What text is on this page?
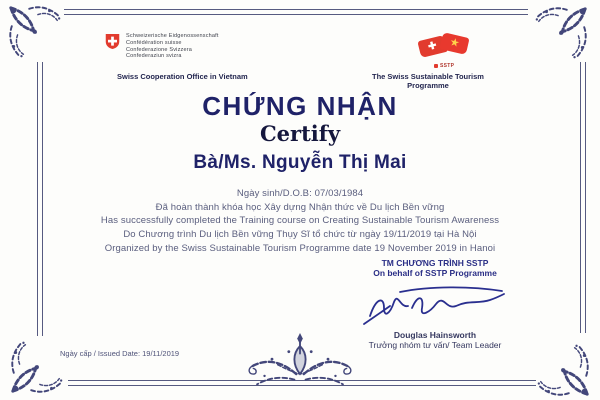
Schweizerische Eidgenossenschaft
Confédération suisse
Confederazione Svizzera
Confederaziun svizra
Swiss Cooperation Office in Vietnam
✚ ★
SSTP
The Swiss Sustainable Tourism Programme
CHỨNG NHẬN
Certify
Bà/Ms. Nguyễn Thị Mai
Ngày sinh/D.O.B: 07/03/1984
Đã hoàn thành khóa học Xây dựng Nhận thức về Du lịch Bền vững
Has successfully completed the Training course on Creating Sustainable Tourism Awareness
Do Chương trình Du lịch Bền vững Thụy Sĩ tổ chức từ ngày 19/11/2019 tại Hà Nội
Organized by the Swiss Sustainable Tourism Programme date 19 November 2019 in Hanoi
TM CHƯƠNG TRÌNH SSTP
On behalf of SSTP Programme
Douglas Hainsworth
Trưởng nhóm tư vấn/ Team Leader
Ngày cấp / Issued Date: 19/11/2019
